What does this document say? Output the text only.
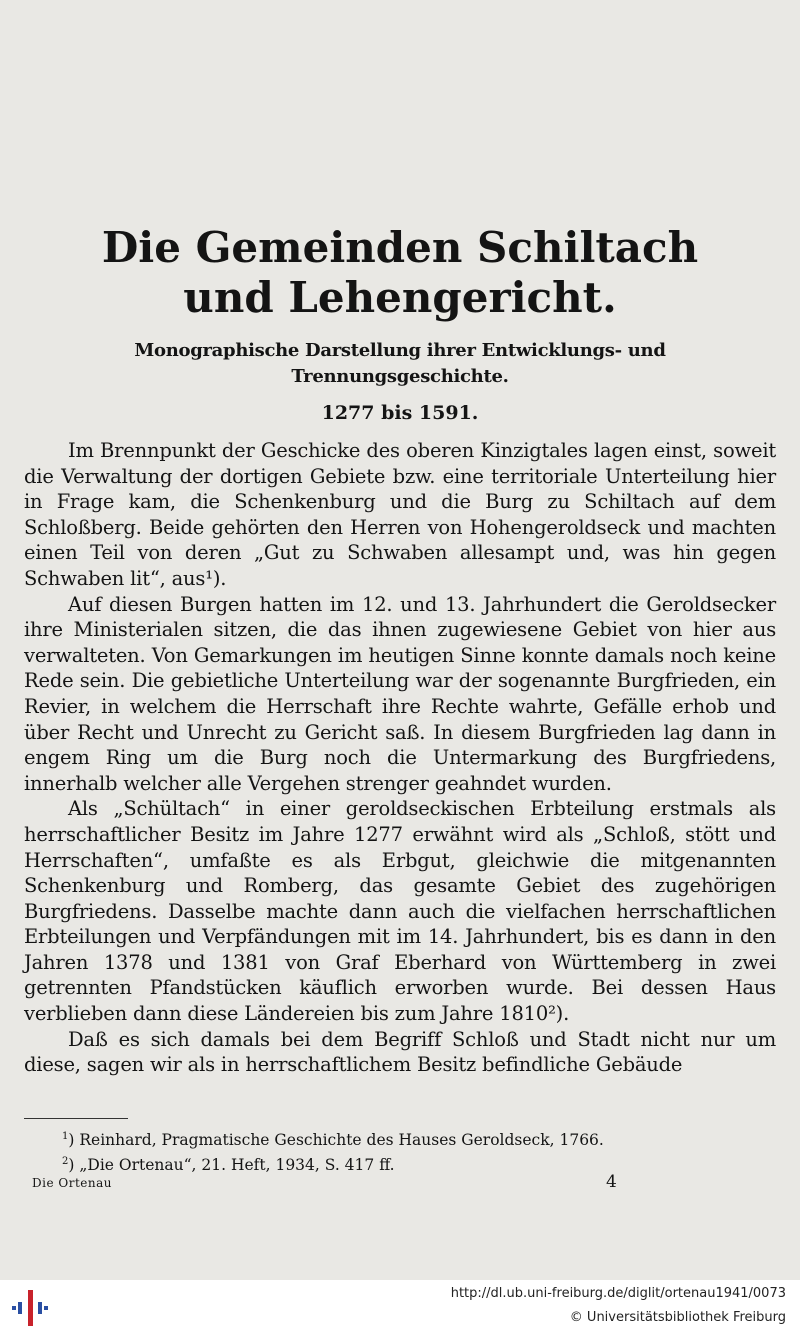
Die Gemeinden Schiltach
und Lehengericht.
Monographische Darstellung ihrer Entwicklungs- und Trennungsgeschichte.
1277 bis 1591.

Im Brennpunkt der Geschicke des oberen Kinzigtales lagen einst, soweit die Verwaltung der dortigen Gebiete bzw. eine territoriale Unterteilung hier in Frage kam, die Schenkenburg und die Burg zu Schiltach auf dem Schloßberg. Beide gehörten den Herren von Hohengeroldseck und machten einen Teil von deren „Gut zu Schwaben allesampt und, was hin gegen Schwaben lit“, aus¹).

Auf diesen Burgen hatten im 12. und 13. Jahrhundert die Geroldsecker ihre Ministerialen sitzen, die das ihnen zugewiesene Gebiet von hier aus verwalteten. Von Gemarkungen im heutigen Sinne konnte damals noch keine Rede sein. Die gebietliche Unterteilung war der sogenannte Burgfrieden, ein Revier, in welchem die Herrschaft ihre Rechte wahrte, Gefälle erhob und über Recht und Unrecht zu Gericht saß. In diesem Burgfrieden lag dann in engem Ring um die Burg noch die Untermarkung des Burgfriedens, innerhalb welcher alle Vergehen strenger geahndet wurden.

Als „Schültach“ in einer geroldseckischen Erbteilung erstmals als herrschaftlicher Besitz im Jahre 1277 erwähnt wird als „Schloß, stött und Herrschaften“, umfaßte es als Erbgut, gleichwie die mitgenannten Schenkenburg und Romberg, das gesamte Gebiet des zugehörigen Burgfriedens. Dasselbe machte dann auch die vielfachen herrschaftlichen Erbteilungen und Verpfändungen mit im 14. Jahrhundert, bis es dann in den Jahren 1378 und 1381 von Graf Eberhard von Württemberg in zwei getrennten Pfandstücken käuflich erworben wurde. Bei dessen Haus verblieben dann diese Ländereien bis zum Jahre 1810²).

Daß es sich damals bei dem Begriff Schloß und Stadt nicht nur um diese, sagen wir als in herrschaftlichem Besitz befindliche Gebäude

$^1$) Reinhard, Pragmatische Geschichte des Hauses Geroldseck, 1766.
$^2$) „Die Ortenau“, 21. Heft, 1934, S. 417 ff.
Die Ortenau	4
http://dl.ub.uni-freiburg.de/diglit/ortenau1941/0073
© Universitätsbibliothek Freiburg
